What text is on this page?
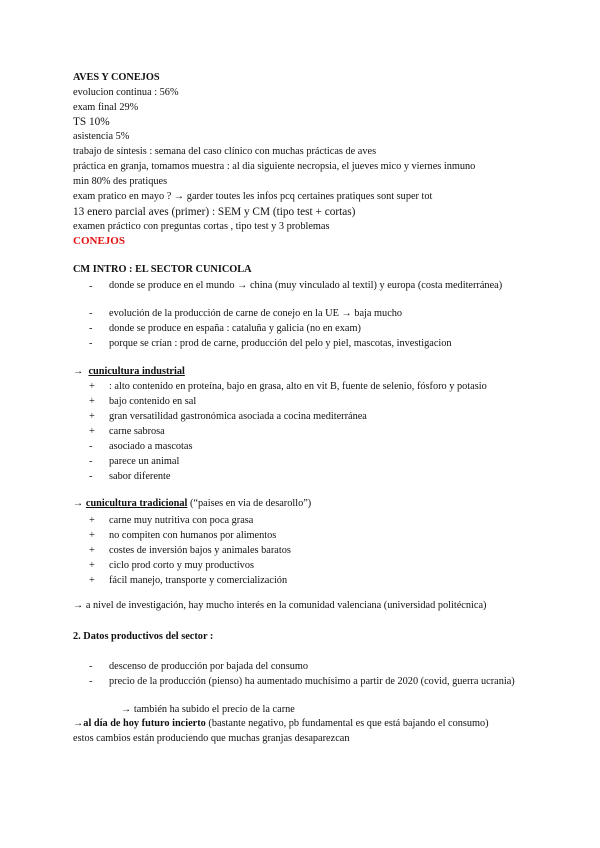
AVES Y CONEJOS
evolucion continua : 56%
exam final 29%
TS 10%
asistencia 5%
trabajo de síntesis : semana del caso clínico con muchas prácticas de aves
práctica en granja, tomamos muestra : al dia siguiente necropsia, el jueves mico y viernes inmuno
min 80% des pratiques
exam pratico en mayo ? → garder toutes les infos pcq certaines pratiques sont super tot
13 enero parcial aves (primer) : SEM y CM (tipo test + cortas)
examen práctico con preguntas cortas , tipo test y 3 problemas
CONEJOS
CM INTRO : EL SECTOR CUNICOLA
-	donde se produce en el mundo → china (muy vinculado al textil) y europa (costa mediterránea)
-	evolución de la producción de carne de conejo en la UE → baja mucho
-	donde se produce en españa : cataluña y galicia (no en exam)
-	porque se crían : prod de carne, producción del pelo y piel, mascotas, investigacion
→ cunicultura industrial
+	: alto contenido en proteína, bajo en grasa, alto en vit B, fuente de selenio, fósforo y potasio
+	bajo contenido en sal
+	gran versatilidad gastronómica asociada a cocina mediterránea
+	carne sabrosa
-	asociado a mascotas
-	parece un animal
-	sabor diferente
→ cunicultura tradicional (“paises en via de desarollo”)
+	carne muy nutritiva con poca grasa
+	no compiten con humanos por alimentos
+	costes de inversión bajos y animales baratos
+	ciclo prod corto y muy productivos
+	fácil manejo, transporte y comercialización
→ a nivel de investigación, hay mucho interés en la comunidad valenciana (universidad politécnica)
2. Datos productivos del sector :
-	descenso de producción por bajada del consumo
-	precio de la producción (pienso) ha aumentado muchísimo a partir de 2020 (covid, guerra ucrania)
→ también ha subido el precio de la carne
→al día de hoy futuro incierto (bastante negativo, pb fundamental es que está bajando el consumo)
estos cambios están produciendo que muchas granjas desaparezcan
